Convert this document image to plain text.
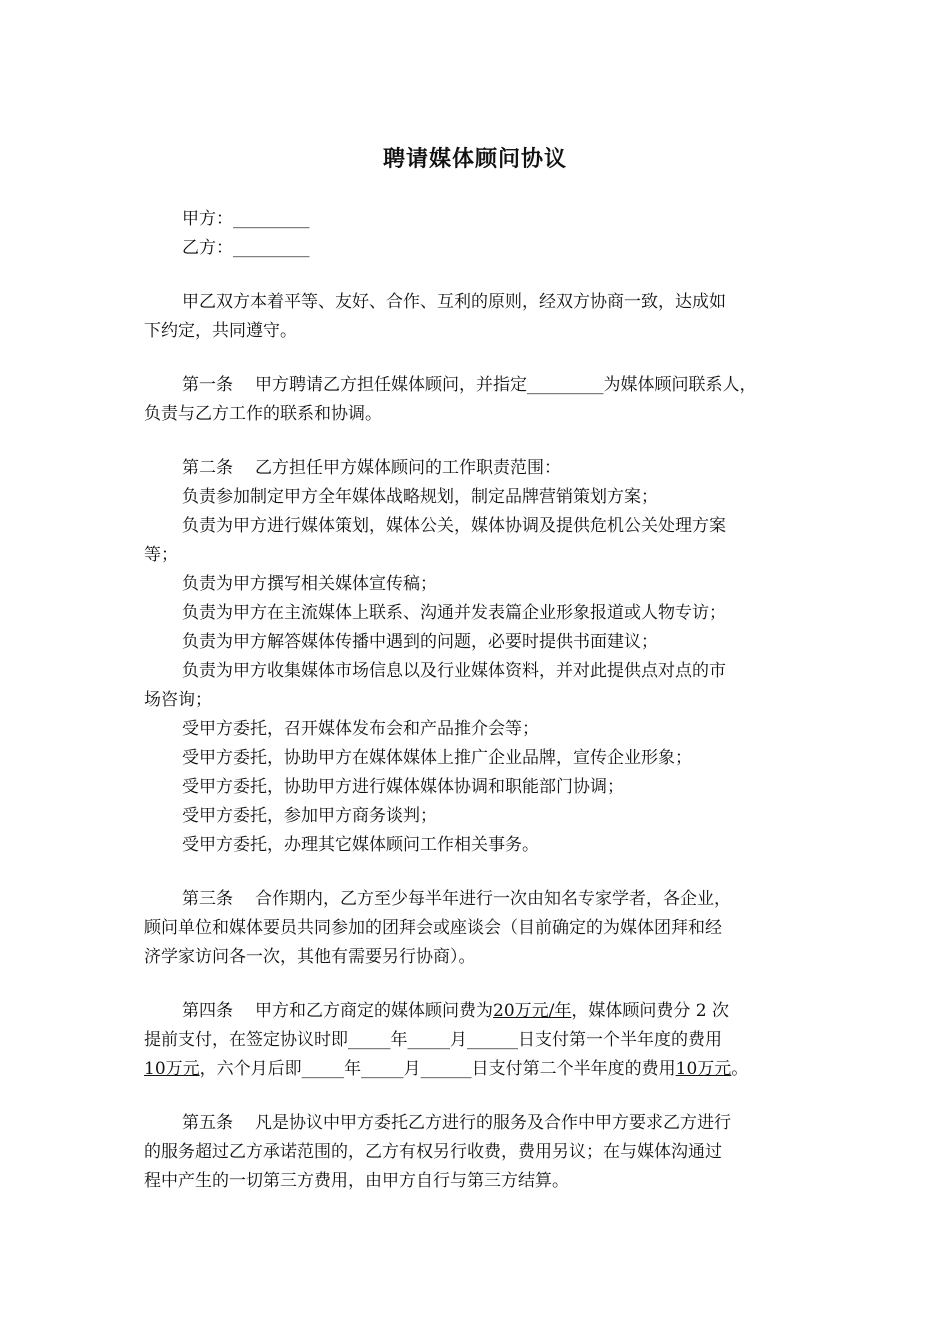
聘请媒体顾问协议
甲方：_________
乙方：_________
甲乙双方本着平等、友好、合作、互利的原则，经双方协商一致，达成如
下约定，共同遵守。
第一条 甲方聘请乙方担任媒体顾问，并指定_________为媒体顾问联系人，
负责与乙方工作的联系和协调。
第二条 乙方担任甲方媒体顾问的工作职责范围：
负责参加制定甲方全年媒体战略规划，制定品牌营销策划方案；
负责为甲方进行媒体策划，媒体公关，媒体协调及提供危机公关处理方案
等；
负责为甲方撰写相关媒体宣传稿；
负责为甲方在主流媒体上联系、沟通并发表篇企业形象报道或人物专访；
负责为甲方解答媒体传播中遇到的问题，必要时提供书面建议；
负责为甲方收集媒体市场信息以及行业媒体资料，并对此提供点对点的市
场咨询；
受甲方委托，召开媒体发布会和产品推介会等；
受甲方委托，协助甲方在媒体媒体上推广企业品牌，宣传企业形象；
受甲方委托，协助甲方进行媒体媒体协调和职能部门协调；
受甲方委托，参加甲方商务谈判；
受甲方委托，办理其它媒体顾问工作相关事务。
第三条 合作期内，乙方至少每半年进行一次由知名专家学者，各企业，
顾问单位和媒体要员共同参加的团拜会或座谈会（目前确定的为媒体团拜和经
济学家访问各一次，其他有需要另行协商）。
第四条 甲方和乙方商定的媒体顾问费为20万元/年，媒体顾问费分 2 次
提前支付，在签定协议时即_____年_____月______日支付第一个半年度的费用
10万元，六个月后即_____年_____月______日支付第二个半年度的费用10万元。
第五条 凡是协议中甲方委托乙方进行的服务及合作中甲方要求乙方进行
的服务超过乙方承诺范围的，乙方有权另行收费，费用另议；在与媒体沟通过
程中产生的一切第三方费用，由甲方自行与第三方结算。
